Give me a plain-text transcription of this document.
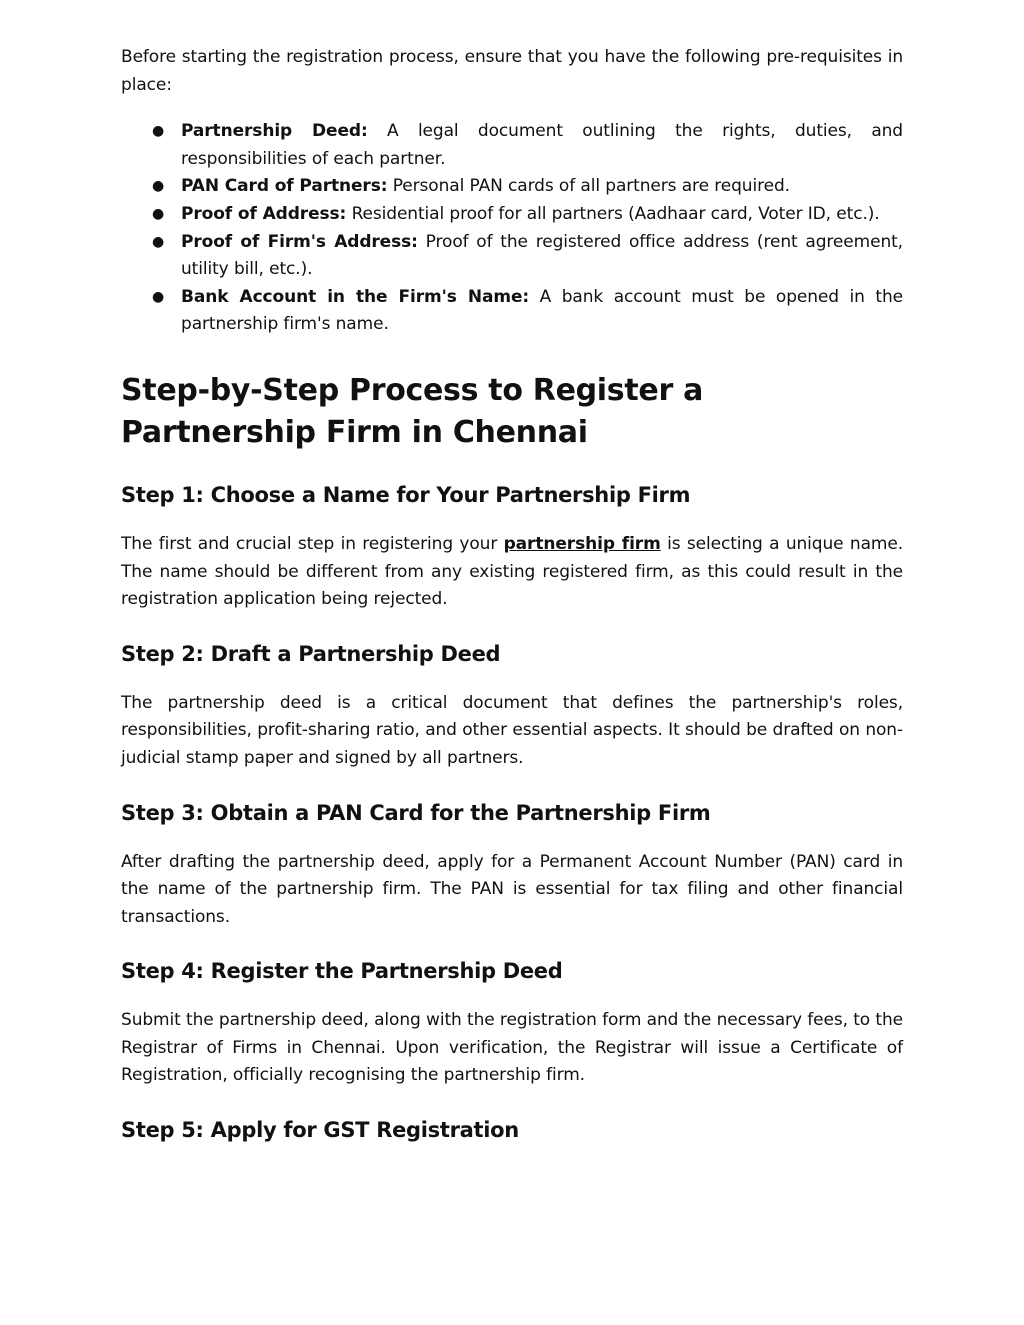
Before starting the registration process, ensure that you have the following pre-requisites in place:

● Partnership Deed: A legal document outlining the rights, duties, and responsibilities of each partner.
● PAN Card of Partners: Personal PAN cards of all partners are required.
● Proof of Address: Residential proof for all partners (Aadhaar card, Voter ID, etc.).
● Proof of Firm's Address: Proof of the registered office address (rent agreement, utility bill, etc.).
● Bank Account in the Firm's Name: A bank account must be opened in the partnership firm's name.
Step-by-Step Process to Register a Partnership Firm in Chennai
Step 1: Choose a Name for Your Partnership Firm

The first and crucial step in registering your partnership firm is selecting a unique name. The name should be different from any existing registered firm, as this could result in the registration application being rejected.

Step 2: Draft a Partnership Deed

The partnership deed is a critical document that defines the partnership's roles, responsibilities, profit-sharing ratio, and other essential aspects. It should be drafted on non-judicial stamp paper and signed by all partners.

Step 3: Obtain a PAN Card for the Partnership Firm

After drafting the partnership deed, apply for a Permanent Account Number (PAN) card in the name of the partnership firm. The PAN is essential for tax filing and other financial transactions.

Step 4: Register the Partnership Deed

Submit the partnership deed, along with the registration form and the necessary fees, to the Registrar of Firms in Chennai. Upon verification, the Registrar will issue a Certificate of Registration, officially recognising the partnership firm.

Step 5: Apply for GST Registration
